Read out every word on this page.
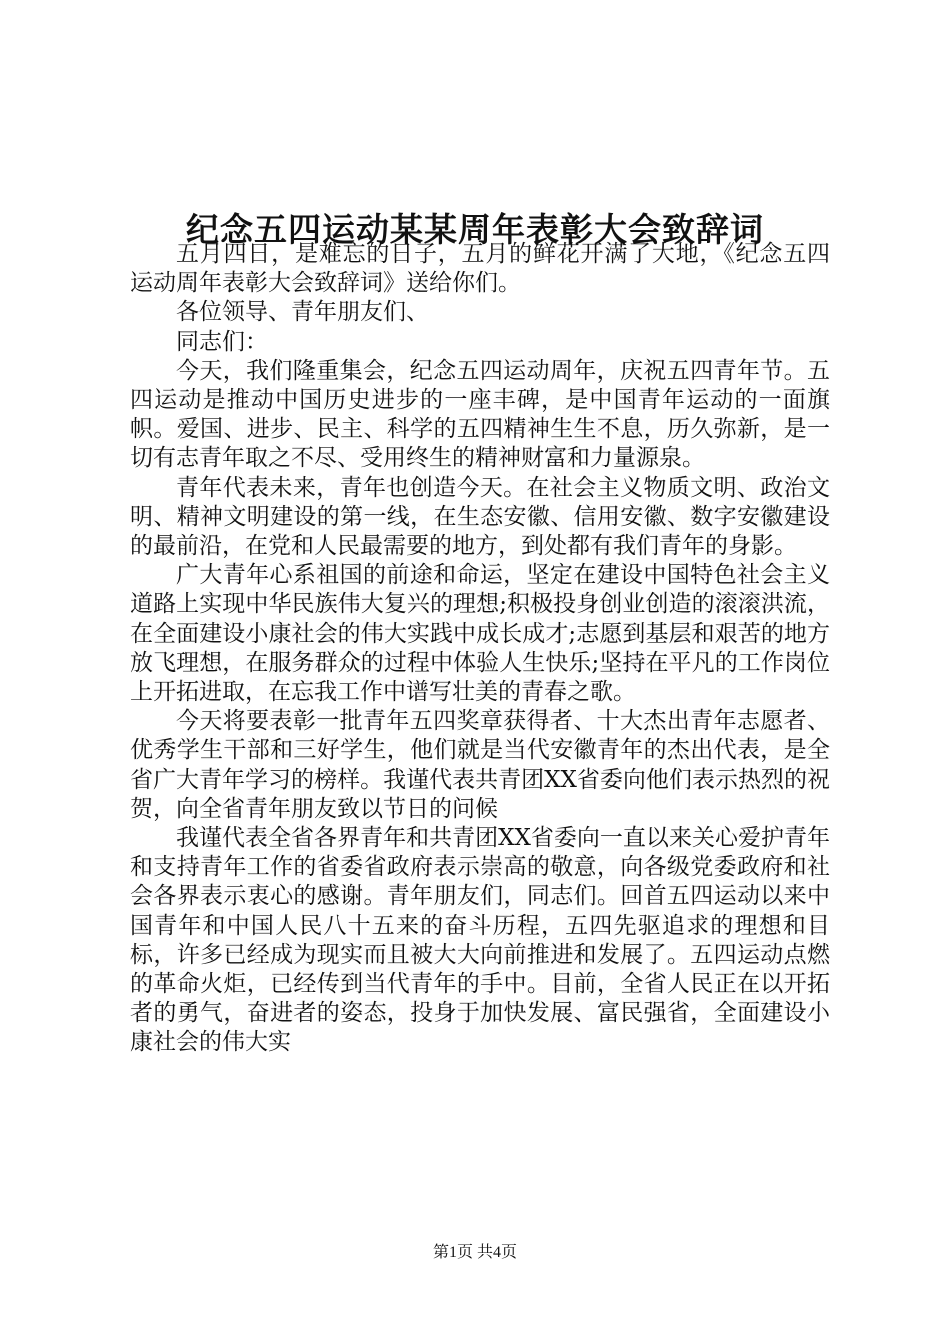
纪念五四运动某某周年表彰大会致辞词

五月四日，是难忘的日子，五月的鲜花开满了大地，《纪念五四运动周年表彰大会致辞词》送给你们。

各位领导、青年朋友们、

同志们：

今天，我们隆重集会，纪念五四运动周年，庆祝五四青年节。五四运动是推动中国历史进步的一座丰碑，是中国青年运动的一面旗帜。爱国、进步、民主、科学的五四精神生生不息，历久弥新，是一切有志青年取之不尽、受用终生的精神财富和力量源泉。

青年代表未来，青年也创造今天。在社会主义物质文明、政治文明、精神文明建设的第一线，在生态安徽、信用安徽、数字安徽建设的最前沿，在党和人民最需要的地方，到处都有我们青年的身影。

广大青年心系祖国的前途和命运，坚定在建设中国特色社会主义道路上实现中华民族伟大复兴的理想;积极投身创业创造的滚滚洪流，在全面建设小康社会的伟大实践中成长成才;志愿到基层和艰苦的地方放飞理想，在服务群众的过程中体验人生快乐;坚持在平凡的工作岗位上开拓进取，在忘我工作中谱写壮美的青春之歌。

今天将要表彰一批青年五四奖章获得者、十大杰出青年志愿者、优秀学生干部和三好学生，他们就是当代安徽青年的杰出代表，是全省广大青年学习的榜样。我谨代表共青团XX省委向他们表示热烈的祝贺，向全省青年朋友致以节日的问候

我谨代表全省各界青年和共青团XX省委向一直以来关心爱护青年和支持青年工作的省委省政府表示崇高的敬意，向各级党委政府和社会各界表示衷心的感谢。青年朋友们，同志们。回首五四运动以来中国青年和中国人民八十五来的奋斗历程，五四先驱追求的理想和目标，许多已经成为现实而且被大大向前推进和发展了。五四运动点燃的革命火炬，已经传到当代青年的手中。目前，全省人民正在以开拓者的勇气，奋进者的姿态，投身于加快发展、富民强省，全面建设小康社会的伟大实

第1页 共4页
